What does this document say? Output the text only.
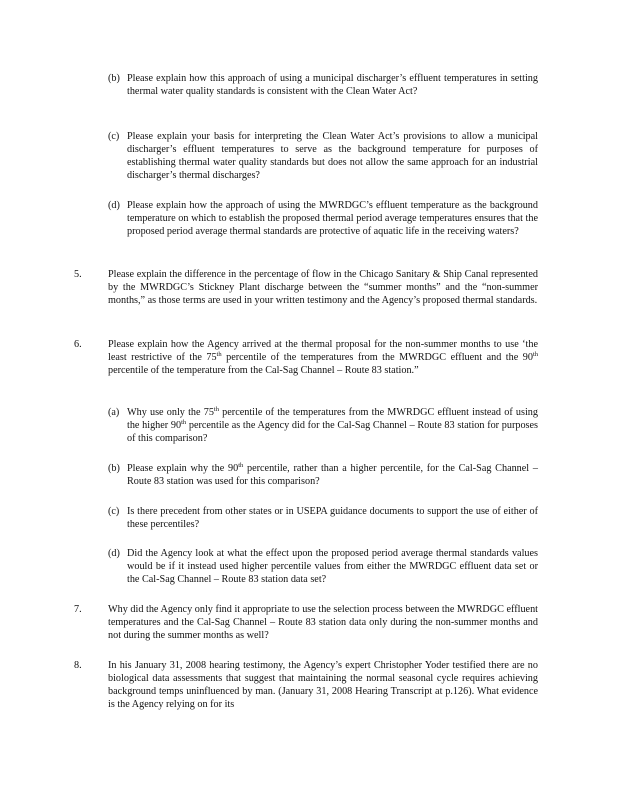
(b) Please explain how this approach of using a municipal discharger’s effluent temperatures in setting thermal water quality standards is consistent with the Clean Water Act?
(c) Please explain your basis for interpreting the Clean Water Act’s provisions to allow a municipal discharger’s effluent temperatures to serve as the background temperature for purposes of establishing thermal water quality standards but does not allow the same approach for an industrial discharger’s thermal discharges?
(d) Please explain how the approach of using the MWRDGC’s effluent temperature as the background temperature on which to establish the proposed thermal period average temperatures ensures that the proposed period average thermal standards are protective of aquatic life in the receiving waters?
5.	Please explain the difference in the percentage of flow in the Chicago Sanitary & Ship Canal represented by the MWRDGC’s Stickney Plant discharge between the “summer months” and the “non-summer months,” as those terms are used in your written testimony and the Agency’s proposed thermal standards.
6.	Please explain how the Agency arrived at the thermal proposal for the non-summer months to use ‘the least restrictive of the 75th percentile of the temperatures from the MWRDGC effluent and the 90th percentile of the temperature from the Cal-Sag Channel – Route 83 station.”
(a) Why use only the 75th percentile of the temperatures from the MWRDGC effluent instead of using the higher 90th percentile as the Agency did for the Cal-Sag Channel – Route 83 station for purposes of this comparison?
(b) Please explain why the 90th percentile, rather than a higher percentile, for the Cal-Sag Channel – Route 83 station was used for this comparison?
(c) Is there precedent from other states or in USEPA guidance documents to support the use of either of these percentiles?
(d) Did the Agency look at what the effect upon the proposed period average thermal standards values would be if it instead used higher percentile values from either the MWRDGC effluent data set or the Cal-Sag Channel – Route 83 station data set?
7.	Why did the Agency only find it appropriate to use the selection process between the MWRDGC effluent temperatures and the Cal-Sag Channel – Route 83 station data only during the non-summer months and not during the summer months as well?
8.	In his January 31, 2008 hearing testimony, the Agency’s expert Christopher Yoder testified there are no biological data assessments that suggest that maintaining the normal seasonal cycle requires achieving background temps uninfluenced by man. (January 31, 2008 Hearing Transcript at p.126). What evidence is the Agency relying on for its
